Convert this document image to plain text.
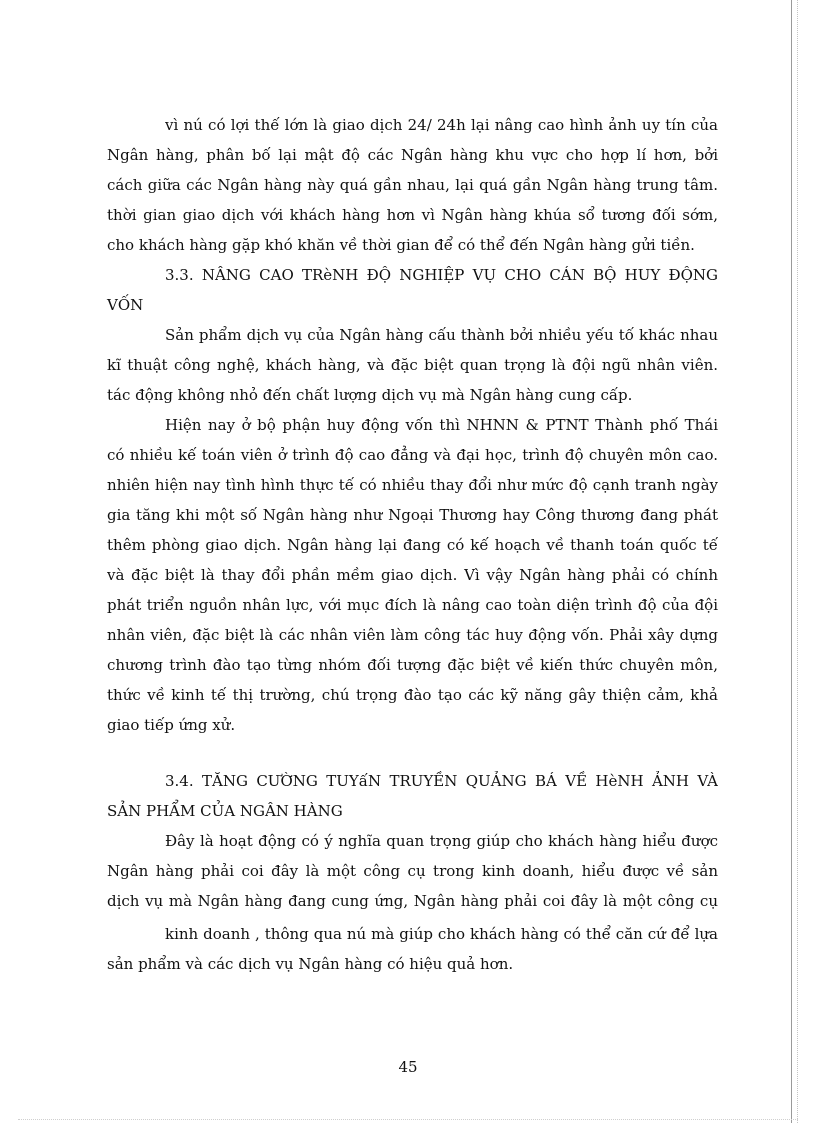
vì nú có lợi thế lớn là giao dịch 24/ 24h lại nâng cao hình ảnh uy tín của
Ngân hàng, phân bố lại mật độ các Ngân hàng khu vực cho hợp lí hơn, bởi
cách giữa các Ngân hàng này quá gần nhau, lại quá gần Ngân hàng trung tâm.
thời gian giao dịch với khách hàng hơn vì Ngân hàng khúa sổ tương đối sớm,
cho khách hàng gặp khó khăn về thời gian để có thể đến Ngân hàng gửi tiền.
3.3. NÂNG CAO TRèNH ĐỘ NGHIỆP VỤ CHO CÁN BỘ HUY ĐỘNG
VỐN
Sản phẩm dịch vụ của Ngân hàng cấu thành bởi nhiều yếu tố khác nhau
kĩ thuật công nghệ, khách hàng, và đặc biệt quan trọng là đội ngũ nhân viên.
tác động không nhỏ đến chất lượng dịch vụ mà Ngân hàng cung cấp.
Hiện nay ở bộ phận huy động vốn thì NHNN & PTNT Thành phố Thái
có nhiều kế toán viên ở trình độ cao đẳng và đại học, trình độ chuyên môn cao.
nhiên hiện nay tình hình thực tế có nhiều thay đổi như mức độ cạnh tranh ngày
gia tăng khi một số Ngân hàng như Ngoại Thương hay Công thương đang phát
thêm phòng giao dịch. Ngân hàng lại đang có kế hoạch về thanh toán quốc tế
và đặc biệt là thay đổi phần mềm giao dịch. Vì vậy Ngân hàng phải có chính
phát triển nguồn nhân lực, với mục đích là nâng cao toàn diện trình độ của đội
nhân viên, đặc biệt là các nhân viên làm công tác huy động vốn. Phải xây dựng
chương trình đào tạo từng nhóm đối tượng đặc biệt về kiến thức chuyên môn,
thức về kinh tế thị trường, chú trọng đào tạo các kỹ năng gây thiện cảm, khả
giao tiếp ứng xử.
3.4. TĂNG CƯỜNG TUYấN TRUYỀN QUẢNG BÁ VỀ HèNH ẢNH VÀ
SẢN PHẨM CỦA NGÂN HÀNG
Đây là hoạt động có ý nghĩa quan trọng giúp cho khách hàng hiểu được
Ngân hàng phải coi đây là một công cụ trong kinh doanh, hiểu được về sản
dịch vụ mà Ngân hàng đang cung ứng, Ngân hàng phải coi đây là một công cụ
kinh doanh , thông qua nú mà giúp cho khách hàng có thể căn cứ để lựa
sản phẩm và các dịch vụ Ngân hàng có hiệu quả hơn.
45
